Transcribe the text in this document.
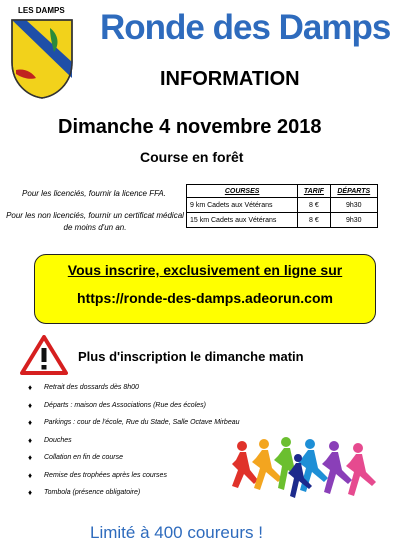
LES DAMPS Ronde des Damps
INFORMATION
Dimanche 4 novembre 2018
Course en forêt
Pour les licenciés, fournir la licence FFA.
Pour les non licenciés, fournir un certificat médical de moins d'un an.
COURSES	TARIF	DÉPARTS
9 km Cadets aux Vétérans	8 €	9h30
15 km Cadets aux Vétérans	8 €	9h30
Vous inscrire, exclusivement en ligne sur
https://ronde-des-damps.adeorun.com
Plus d'inscription le dimanche matin
♦ Retrait des dossards dès 8h00
♦ Départs : maison des Associations (Rue des écoles)
♦ Parkings : cour de l'école, Rue du Stade, Salle Octave Mirbeau
♦ Douches
♦ Collation en fin de course
♦ Remise des trophées après les courses
♦ Tombola (présence obligatoire)
Limité à 400 coureurs !
